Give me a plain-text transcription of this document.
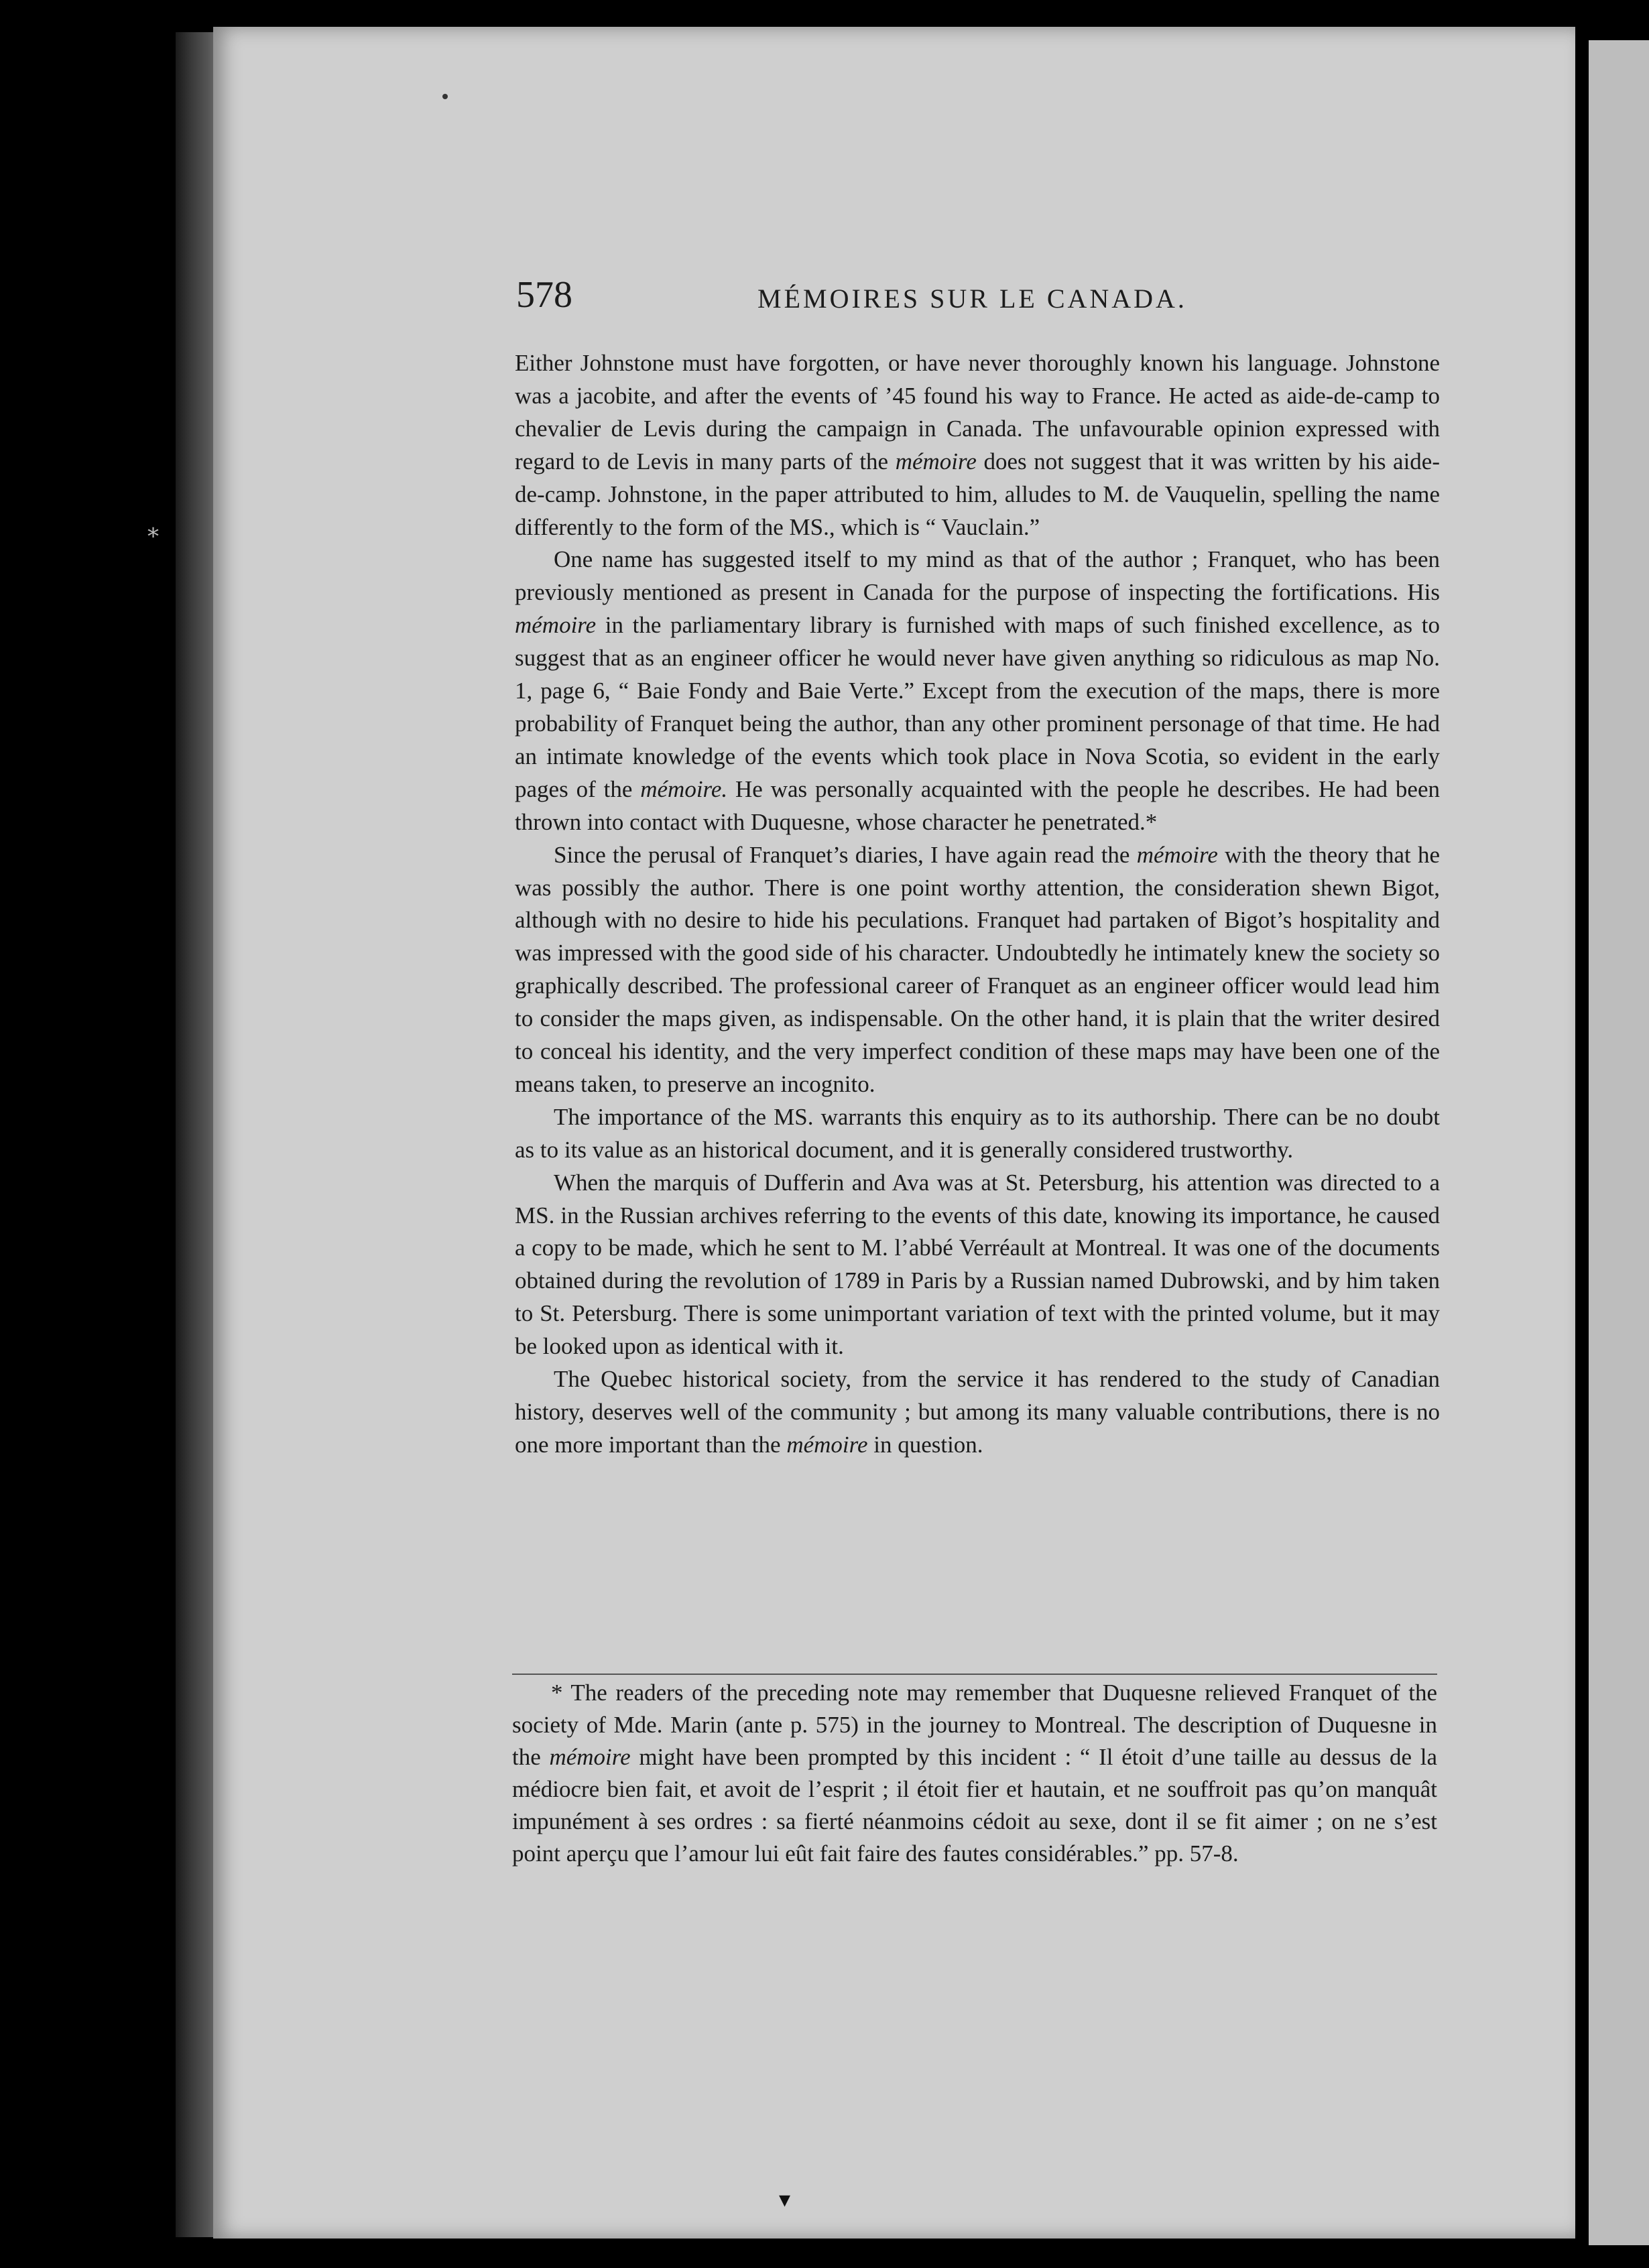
⁎
▾
578	MÉMOIRES SUR LE CANADA.

Either Johnstone must have forgotten, or have never thoroughly known his language. Johnstone was a jacobite, and after the events of ’45 found his way to France. He acted as aide-de-camp to chevalier de Levis during the campaign in Canada. The unfavourable opinion expressed with regard to de Levis in many parts of the mémoire does not suggest that it was written by his aide-de-camp. Johnstone, in the paper attributed to him, alludes to M. de Vauquelin, spelling the name differently to the form of the MS., which is “ Vauclain.”

One name has suggested itself to my mind as that of the author ; Franquet, who has been previously mentioned as present in Canada for the purpose of inspecting the fortifications. His mémoire in the parliamentary library is furnished with maps of such finished excellence, as to suggest that as an engineer officer he would never have given anything so ridiculous as map No. 1, page 6, “ Baie Fondy and Baie Verte.” Except from the execution of the maps, there is more probability of Franquet being the author, than any other prominent personage of that time. He had an intimate knowledge of the events which took place in Nova Scotia, so evident in the early pages of the mémoire. He was personally acquainted with the people he describes. He had been thrown into contact with Duquesne, whose character he penetrated.*

Since the perusal of Franquet’s diaries, I have again read the mémoire with the theory that he was possibly the author. There is one point worthy attention, the consideration shewn Bigot, although with no desire to hide his peculations. Franquet had partaken of Bigot’s hospitality and was impressed with the good side of his character. Undoubtedly he intimately knew the society so graphically described. The professional career of Franquet as an engineer officer would lead him to consider the maps given, as indispensable. On the other hand, it is plain that the writer desired to conceal his identity, and the very imperfect condition of these maps may have been one of the means taken, to preserve an incognito.

The importance of the MS. warrants this enquiry as to its authorship. There can be no doubt as to its value as an historical document, and it is generally considered trustworthy.

When the marquis of Dufferin and Ava was at St. Petersburg, his attention was directed to a MS. in the Russian archives referring to the events of this date, knowing its importance, he caused a copy to be made, which he sent to M. l’abbé Verréault at Montreal. It was one of the documents obtained during the revolution of 1789 in Paris by a Russian named Dubrowski, and by him taken to St. Petersburg. There is some unimportant variation of text with the printed volume, but it may be looked upon as identical with it.

The Quebec historical society, from the service it has rendered to the study of Canadian history, deserves well of the community ; but among its many valuable contributions, there is no one more important than the mémoire in question.

* The readers of the preceding note may remember that Duquesne relieved Franquet of the society of Mde. Marin (ante p. 575) in the journey to Montreal. The description of Duquesne in the mémoire might have been prompted by this incident : “ Il étoit d’une taille au dessus de la médiocre bien fait, et avoit de l’esprit ; il étoit fier et hautain, et ne souffroit pas qu’on manquât impunément à ses ordres : sa fierté néanmoins cédoit au sexe, dont il se fit aimer ; on ne s’est point aperçu que l’amour lui eût fait faire des fautes considérables.” pp. 57-8.
